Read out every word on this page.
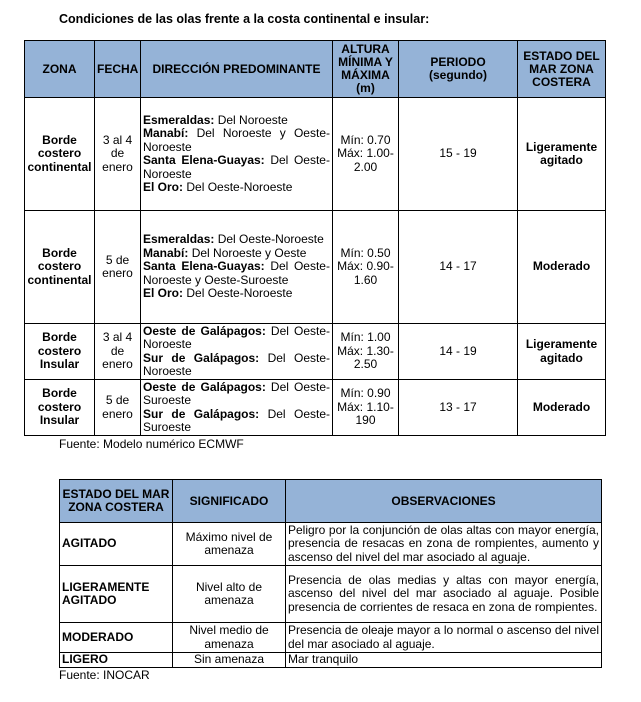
Condiciones de las olas frente a la costa continental e insular:
ZONA	FECHA	DIRECCIÓN PREDOMINANTE	ALTURA MÍNIMA Y MÁXIMA (m)	PERIODO (segundo)	ESTADO DEL MAR ZONA COSTERA
Borde costero continental	3 al 4 de enero	Esmeraldas: Del Noroeste
Manabí: Del Noroeste y Oeste-Noroeste
Santa Elena-Guayas: Del Oeste-Noroeste
El Oro: Del Oeste-Noroeste	Mín: 0.70 Máx: 1.00-2.00	15 - 19	Ligeramente agitado
Borde costero continental	5 de enero	Esmeraldas: Del Oeste-Noroeste
Manabí: Del Noroeste y Oeste
Santa Elena-Guayas: Del Oeste-Noroeste y Oeste-Suroeste
El Oro: Del Oeste-Noroeste	Mín: 0.50 Máx: 0.90-1.60	14 - 17	Moderado
Borde costero Insular	3 al 4 de enero	Oeste de Galápagos: Del Oeste-Noroeste
Sur de Galápagos: Del Oeste-Noroeste	Mín: 1.00 Máx: 1.30-2.50	14 - 19	Ligeramente agitado
Borde costero Insular	5 de enero	Oeste de Galápagos: Del Oeste-Suroeste
Sur de Galápagos: Del Oeste-Suroeste	Mín: 0.90 Máx: 1.10-190	13 - 17	Moderado
Fuente: Modelo numérico ECMWF
ESTADO DEL MAR ZONA COSTERA	SIGNIFICADO	OBSERVACIONES
AGITADO	Máximo nivel de amenaza	Peligro por la conjunción de olas altas con mayor energía, presencia de resacas en zona de rompientes, aumento y ascenso del nivel del mar asociado al aguaje.
LIGERAMENTE AGITADO	Nivel alto de amenaza	Presencia de olas medias y altas con mayor energía, ascenso del nivel del mar asociado al aguaje. Posible presencia de corrientes de resaca en zona de rompientes.
MODERADO	Nivel medio de amenaza	Presencia de oleaje mayor a lo normal o ascenso del nivel del mar asociado al aguaje.
LIGERO	Sin amenaza	Mar tranquilo
Fuente: INOCAR
